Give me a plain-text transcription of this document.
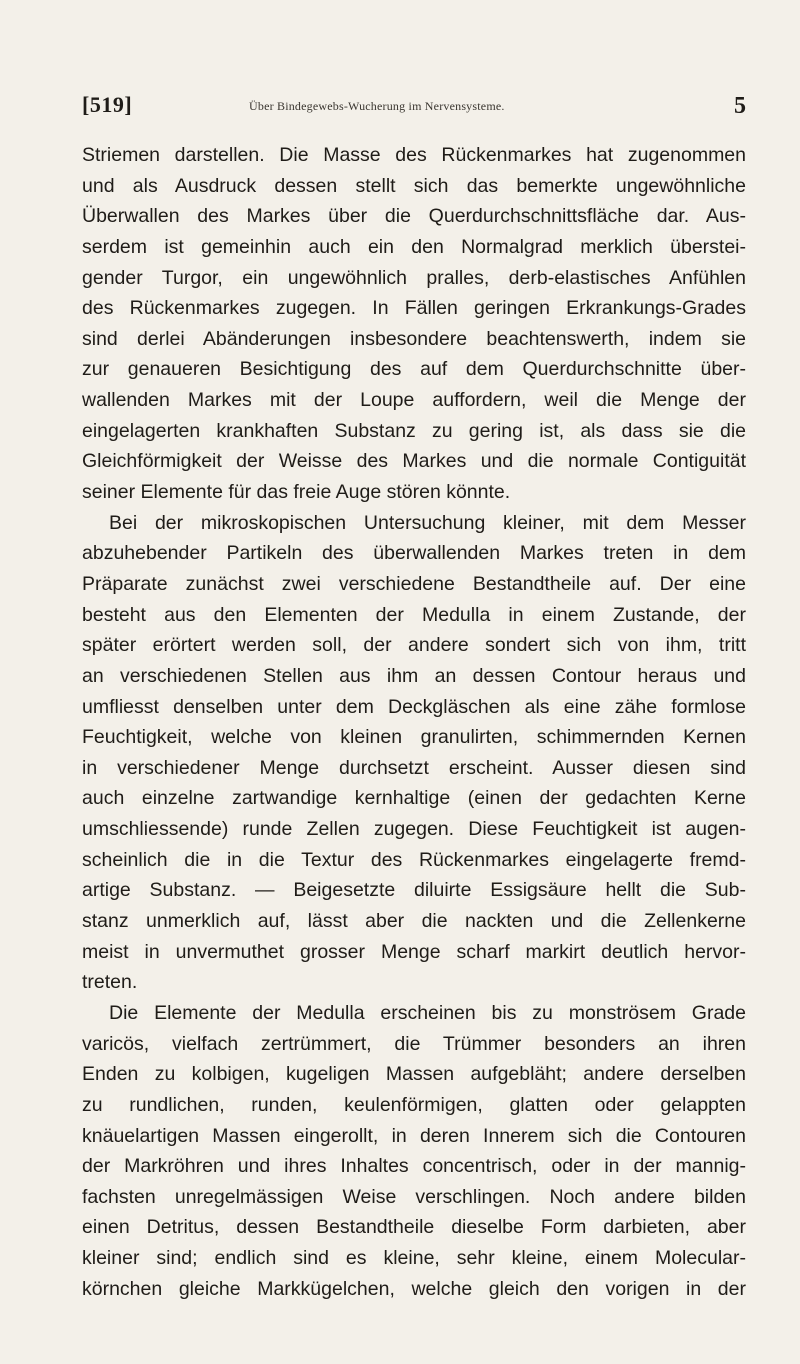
[519]	Über Bindegewebs-Wucherung im Nervensysteme.	5
Striemen darstellen. Die Masse des Rückenmarkes hat zugenommen
und als Ausdruck dessen stellt sich das bemerkte ungewöhnliche
Überwallen des Markes über die Querdurchschnittsfläche dar. Aus-
serdem ist gemeinhin auch ein den Normalgrad merklich überstei-
gender Turgor, ein ungewöhnlich pralles, derb-elastisches Anfühlen
des Rückenmarkes zugegen. In Fällen geringen Erkrankungs-Grades
sind derlei Abänderungen insbesondere beachtenswerth, indem sie
zur genaueren Besichtigung des auf dem Querdurchschnitte über-
wallenden Markes mit der Loupe auffordern, weil die Menge der
eingelagerten krankhaften Substanz zu gering ist, als dass sie die
Gleichförmigkeit der Weisse des Markes und die normale Contiguität
seiner Elemente für das freie Auge stören könnte.
Bei der mikroskopischen Untersuchung kleiner, mit dem Messer
abzuhebender Partikeln des überwallenden Markes treten in dem
Präparate zunächst zwei verschiedene Bestandtheile auf. Der eine
besteht aus den Elementen der Medulla in einem Zustande, der
später erörtert werden soll, der andere sondert sich von ihm, tritt
an verschiedenen Stellen aus ihm an dessen Contour heraus und
umfliesst denselben unter dem Deckgläschen als eine zähe formlose
Feuchtigkeit, welche von kleinen granulirten, schimmernden Kernen
in verschiedener Menge durchsetzt erscheint. Ausser diesen sind
auch einzelne zartwandige kernhaltige (einen der gedachten Kerne
umschliessende) runde Zellen zugegen. Diese Feuchtigkeit ist augen-
scheinlich die in die Textur des Rückenmarkes eingelagerte fremd-
artige Substanz. — Beigesetzte diluirte Essigsäure hellt die Sub-
stanz unmerklich auf, lässt aber die nackten und die Zellenkerne
meist in unvermuthet grosser Menge scharf markirt deutlich hervor-
treten.
Die Elemente der Medulla erscheinen bis zu monströsem Grade
varicös, vielfach zertrümmert, die Trümmer besonders an ihren
Enden zu kolbigen, kugeligen Massen aufgebläht; andere derselben
zu rundlichen, runden, keulenförmigen, glatten oder gelappten
knäuelartigen Massen eingerollt, in deren Innerem sich die Contouren
der Markröhren und ihres Inhaltes concentrisch, oder in der mannig-
fachsten unregelmässigen Weise verschlingen. Noch andere bilden
einen Detritus, dessen Bestandtheile dieselbe Form darbieten, aber
kleiner sind; endlich sind es kleine, sehr kleine, einem Molecular-
körnchen gleiche Markkügelchen, welche gleich den vorigen in der
